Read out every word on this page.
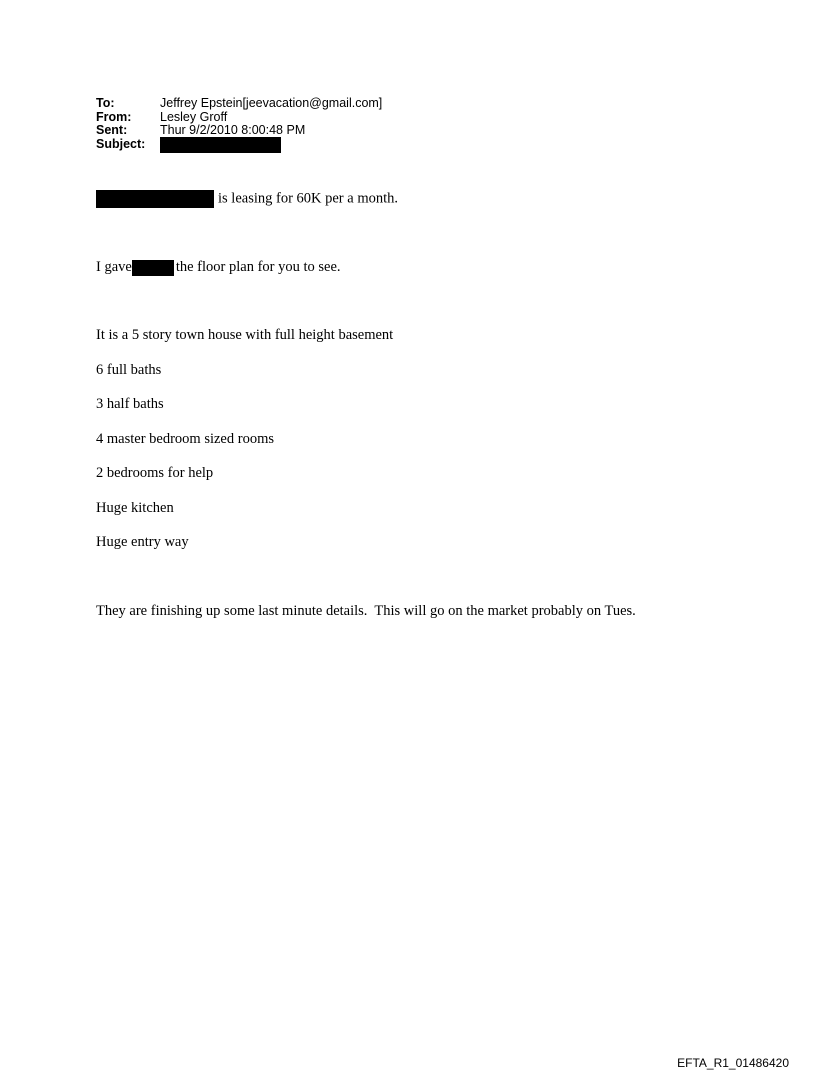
To:	Jeffrey Epstein[jeevacation@gmail.com]
From:	Lesley Groff
Sent:	Thur 9/2/2010 8:00:48 PM
Subject:
is leasing for 60K per a month.
I gave	the floor plan for you to see.
It is a 5 story town house with full height basement
6 full baths
3 half baths
4 master bedroom sized rooms
2 bedrooms for help
Huge kitchen
Huge entry way
They are finishing up some last minute details.  This will go on the market probably on Tues.
EFTA_R1_01486420
